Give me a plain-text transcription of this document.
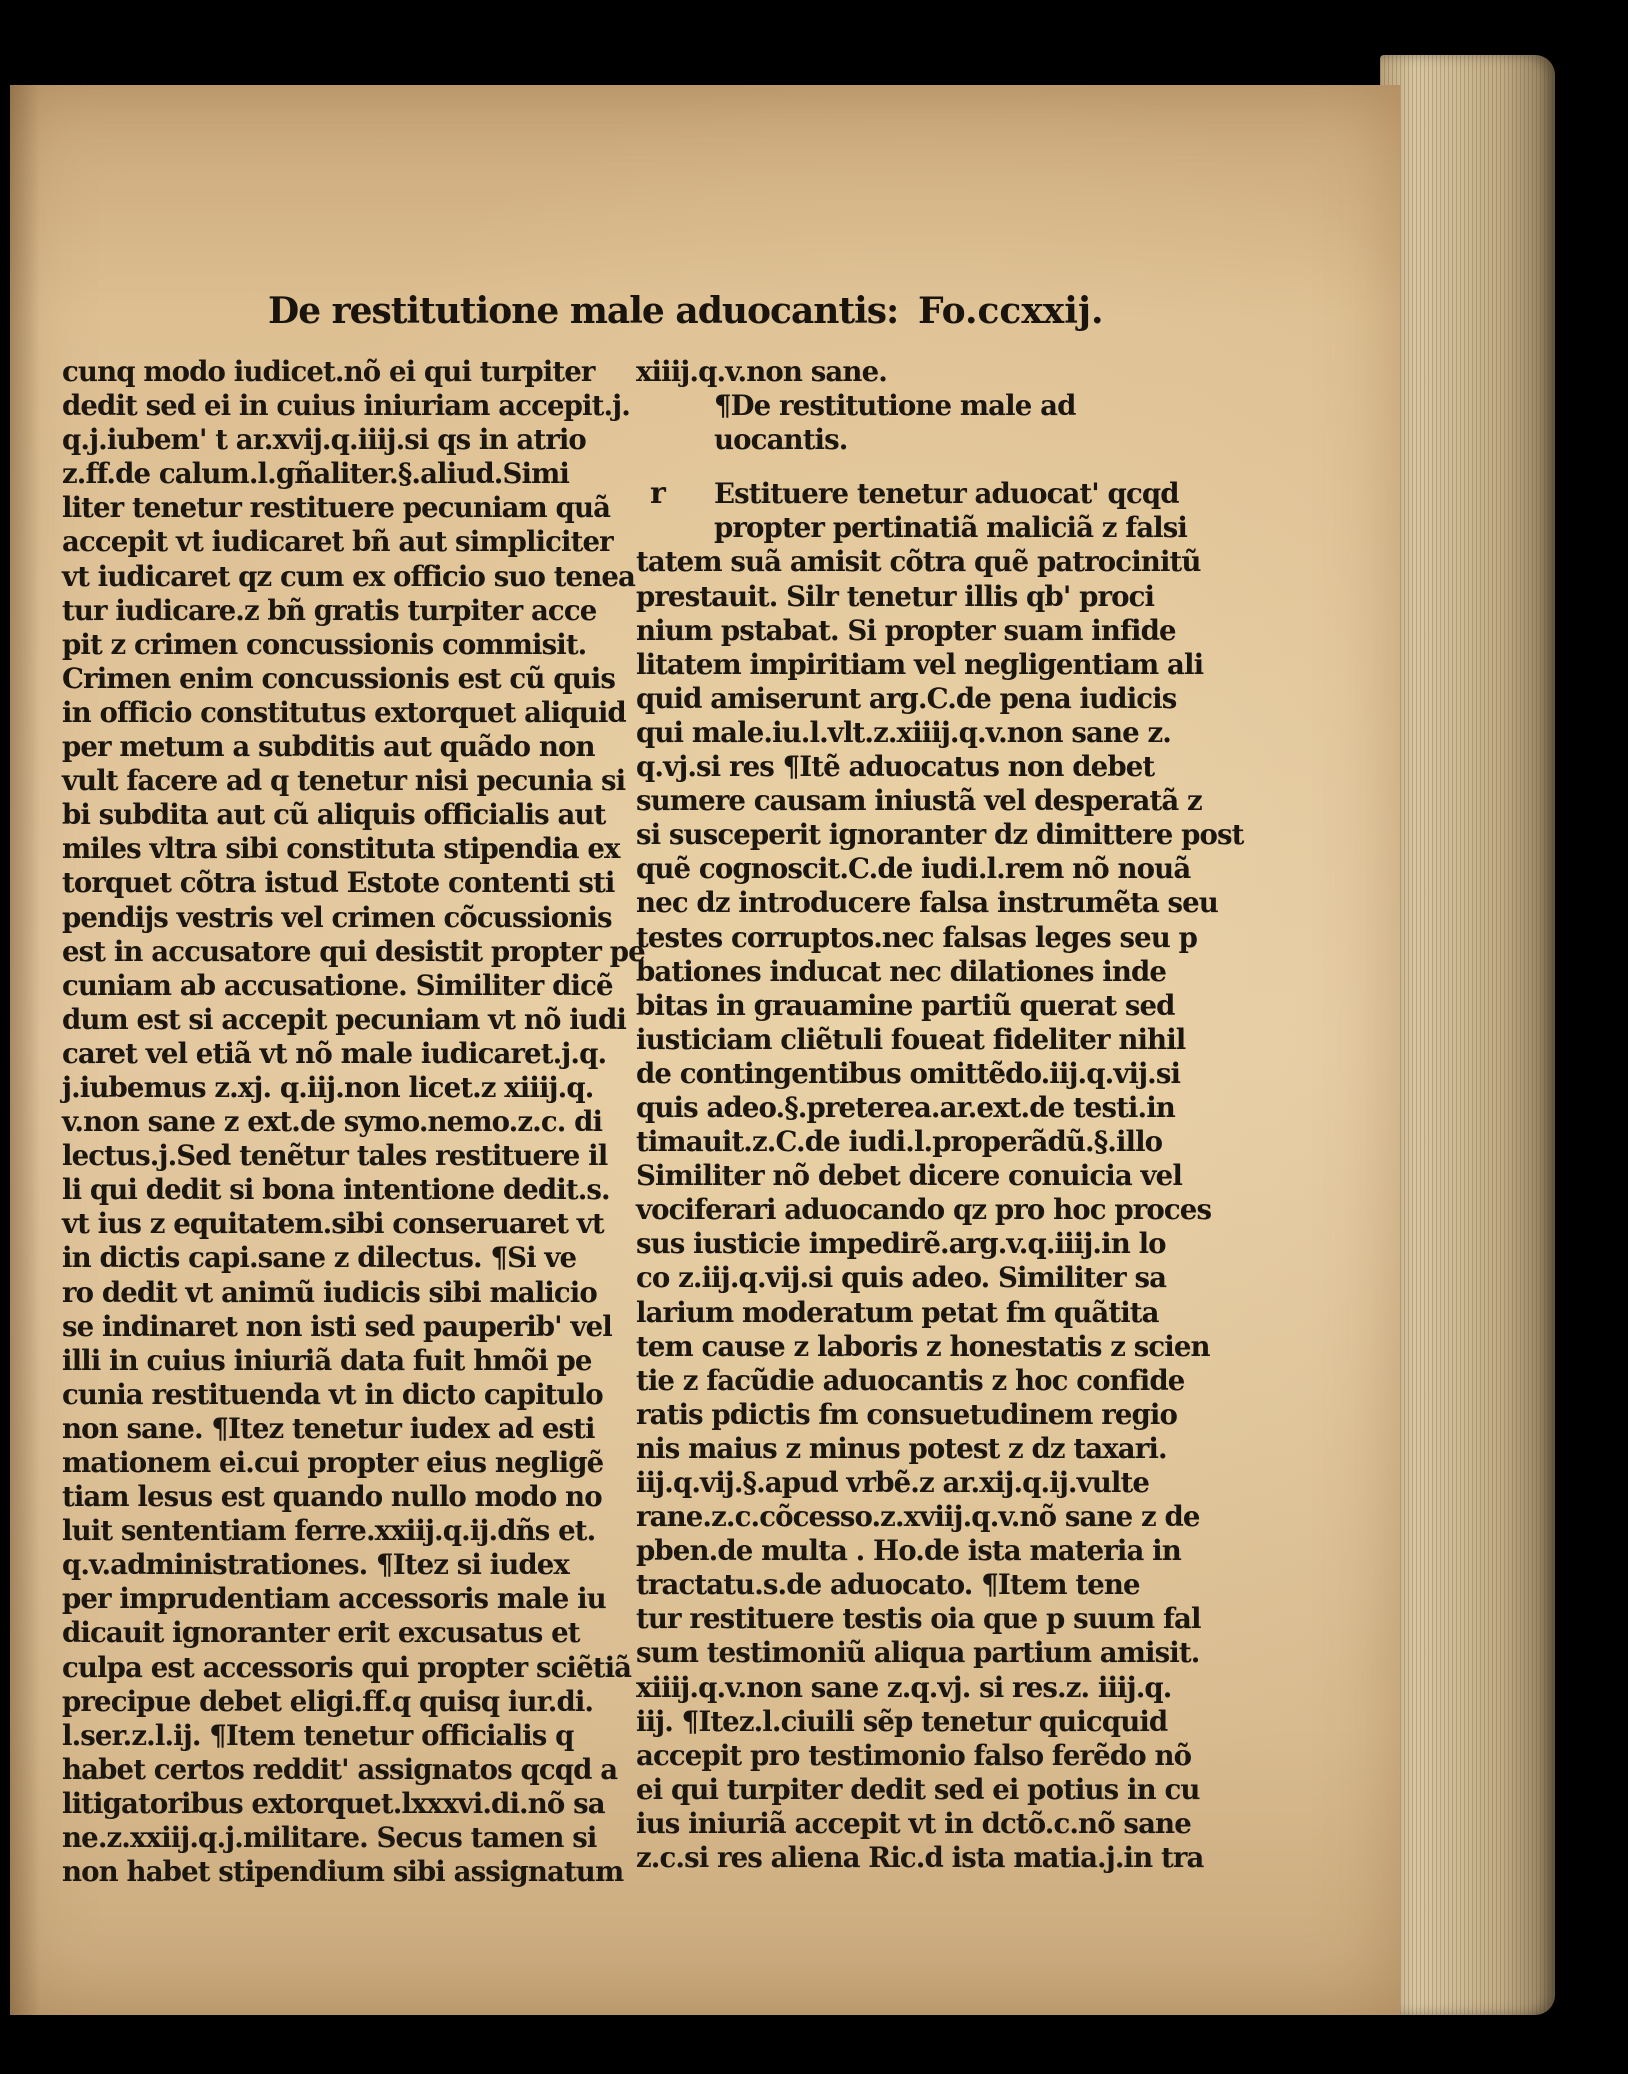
De restitutione male aduocantis: Fo.ccxxij.
cunq modo iudicet.nõ ei qui turpiter
dedit sed ei in cuius iniuriam accepit.j.
q.j.iubem' t ar.xvij.q.iiij.si qs in atrio
z.ff.de calum.l.gñaliter.§.aliud.Simi
liter tenetur restituere pecuniam quã
accepit vt iudicaret bñ aut simpliciter
vt iudicaret qz cum ex officio suo tenea
tur iudicare.z bñ gratis turpiter acce
pit z crimen concussionis commisit.
Crimen enim concussionis est cũ quis
in officio constitutus extorquet aliquid
per metum a subditis aut quãdo non
vult facere ad q tenetur nisi pecunia si
bi subdita aut cũ aliquis officialis aut
miles vltra sibi constituta stipendia ex
torquet cõtra istud Estote contenti sti
pendijs vestris vel crimen cõcussionis
est in accusatore qui desistit propter pe
cuniam ab accusatione. Similiter dicẽ
dum est si accepit pecuniam vt nõ iudi
caret vel etiã vt nõ male iudicaret.j.q.
j.iubemus z.xj. q.iij.non licet.z xiiij.q.
v.non sane z ext.de symo.nemo.z.c. di
lectus.j.Sed tenẽtur tales restituere il
li qui dedit si bona intentione dedit.s.
vt ius z equitatem.sibi conseruaret vt
in dictis capi.sane z dilectus. ¶Si ve
ro dedit vt animũ iudicis sibi malicio
se indinaret non isti sed pauperib' vel
illi in cuius iniuriã data fuit hmõi pe
cunia restituenda vt in dicto capitulo
non sane. ¶Itez tenetur iudex ad esti
mationem ei.cui propter eius negligẽ
tiam lesus est quando nullo modo no
luit sententiam ferre.xxiij.q.ij.dñs et.
q.v.administrationes. ¶Itez si iudex
per imprudentiam accessoris male iu
dicauit ignoranter erit excusatus et
culpa est accessoris qui propter sciẽtiã
precipue debet eligi.ff.q quisq iur.di.
l.ser.z.l.ij. ¶Item tenetur officialis q
habet certos reddit' assignatos qcqd a
litigatoribus extorquet.lxxxvi.di.nõ sa
ne.z.xxiij.q.j.militare. Secus tamen si
non habet stipendium sibi assignatum
xiiij.q.v.non sane.
¶De restitutione male ad
uocantis.
r	Estituere tenetur aduocat' qcqd
propter pertinatiã maliciã z falsi
tatem suã amisit cõtra quẽ patrocinitũ
prestauit. Silr tenetur illis qb' proci
nium pstabat. Si propter suam infide
litatem impiritiam vel negligentiam ali
quid amiserunt arg.C.de pena iudicis
qui male.iu.l.vlt.z.xiiij.q.v.non sane z.
q.vj.si res ¶Itẽ aduocatus non debet
sumere causam iniustã vel desperatã z
si susceperit ignoranter dz dimittere post
quẽ cognoscit.C.de iudi.l.rem nõ nouã
nec dz introducere falsa instrumẽta seu
testes corruptos.nec falsas leges seu p
bationes inducat nec dilationes inde
bitas in grauamine partiũ querat sed
iusticiam cliẽtuli foueat fideliter nihil
de contingentibus omittẽdo.iij.q.vij.si
quis adeo.§.preterea.ar.ext.de testi.in
timauit.z.C.de iudi.l.properãdũ.§.illo
Similiter nõ debet dicere conuicia vel
vociferari aduocando qz pro hoc proces
sus iusticie impedirẽ.arg.v.q.iiij.in lo
co z.iij.q.vij.si quis adeo. Similiter sa
larium moderatum petat fm quãtita
tem cause z laboris z honestatis z scien
tie z facũdie aduocantis z hoc confide
ratis pdictis fm consuetudinem regio
nis maius z minus potest z dz taxari.
iij.q.vij.§.apud vrbẽ.z ar.xij.q.ij.vulte
rane.z.c.cõcesso.z.xviij.q.v.nõ sane z de
pben.de multa . Ho.de ista materia in
tractatu.s.de aduocato. ¶Item tene
tur restituere testis oia que p suum fal
sum testimoniũ aliqua partium amisit.
xiiij.q.v.non sane z.q.vj. si res.z. iiij.q.
iij. ¶Itez.l.ciuili sẽp tenetur quicquid
accepit pro testimonio falso ferẽdo nõ
ei qui turpiter dedit sed ei potius in cu
ius iniuriã accepit vt in dctõ.c.nõ sane
z.c.si res aliena Ric.d ista matia.j.in tra
